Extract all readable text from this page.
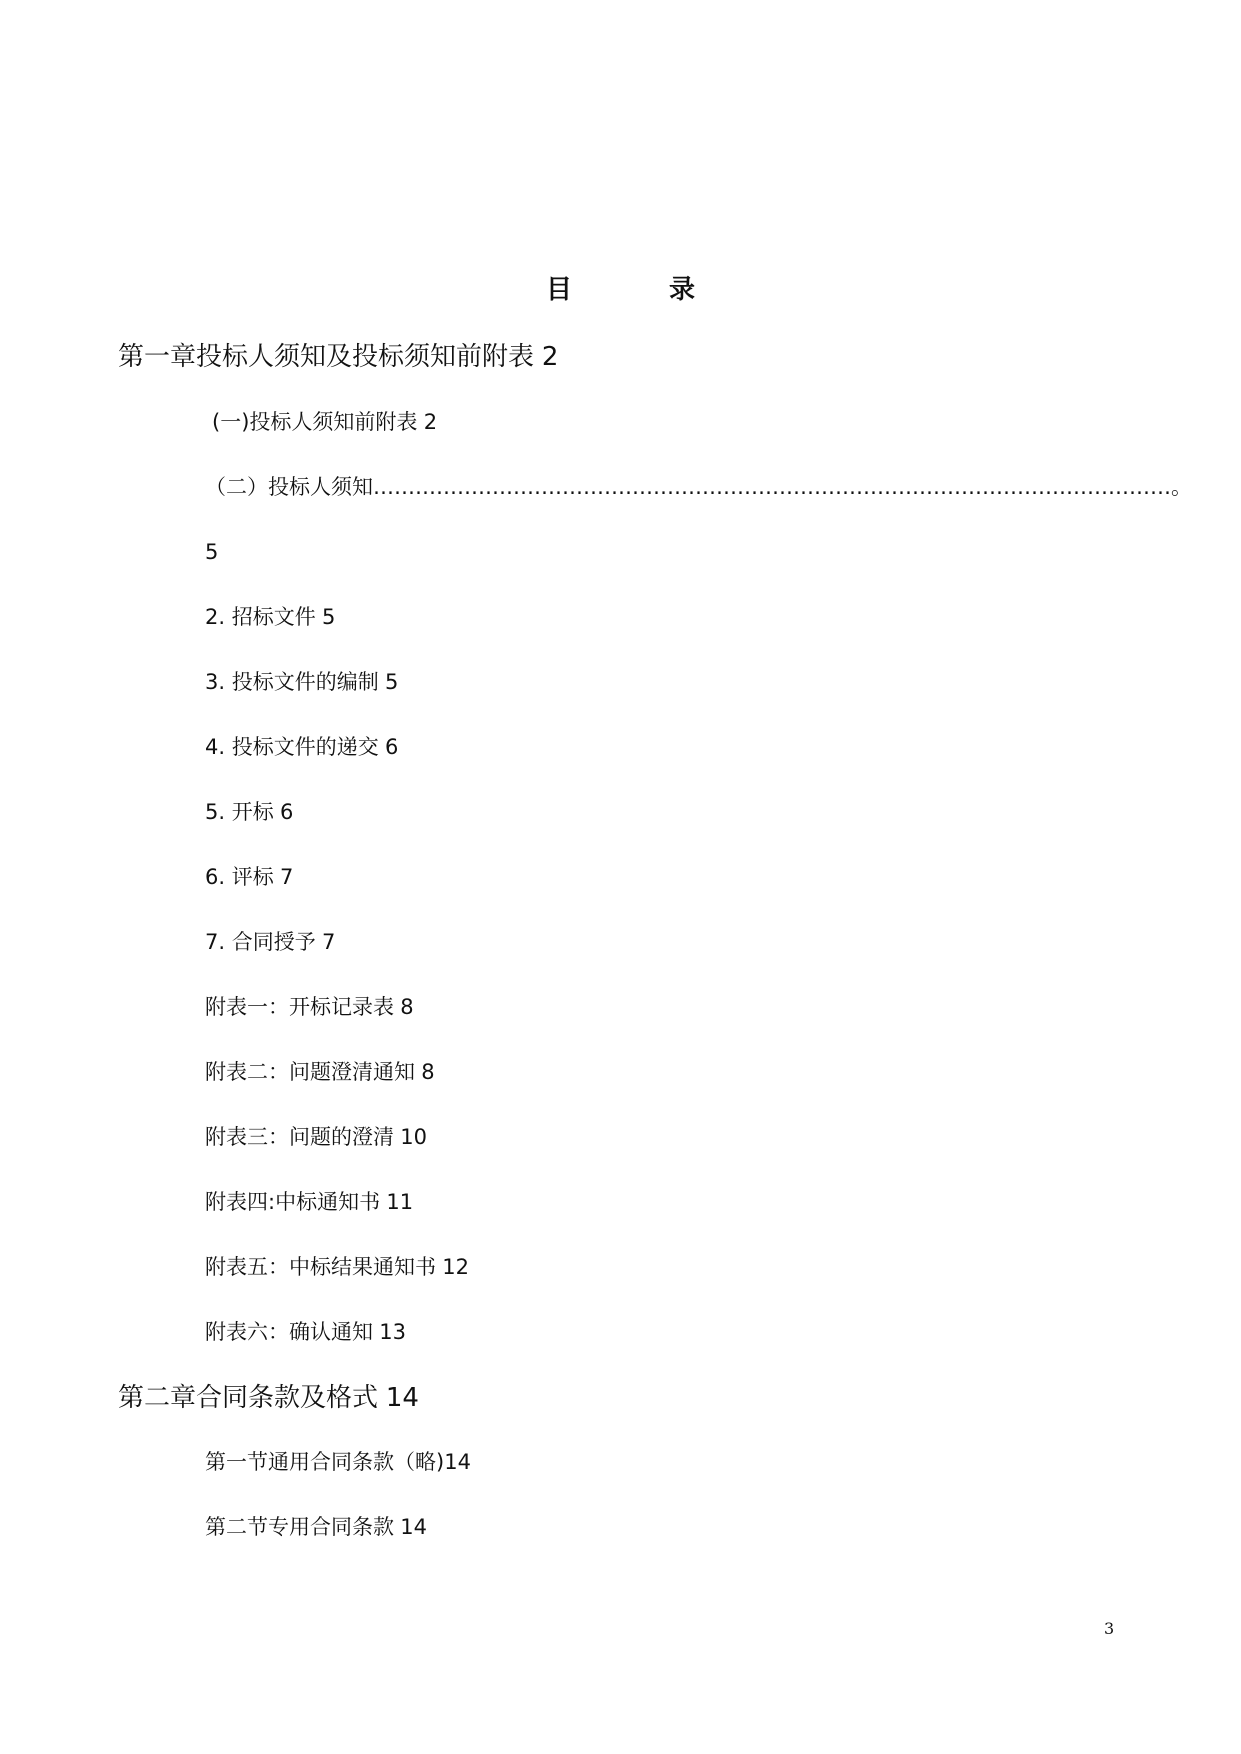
目 录
第一章投标人须知及投标须知前附表 2
(一)投标人须知前附表 2
（二）投标人须知……………………………………………………………………………………………………。
5
2. 招标文件 5
3. 投标文件的编制 5
4. 投标文件的递交 6
5. 开标 6
6. 评标 7
7. 合同授予 7
附表一：开标记录表 8
附表二：问题澄清通知 8
附表三：问题的澄清 10
附表四:中标通知书 11
附表五：中标结果通知书 12
附表六：确认通知 13
第二章合同条款及格式 14
第一节通用合同条款（略)14
第二节专用合同条款 14
3
